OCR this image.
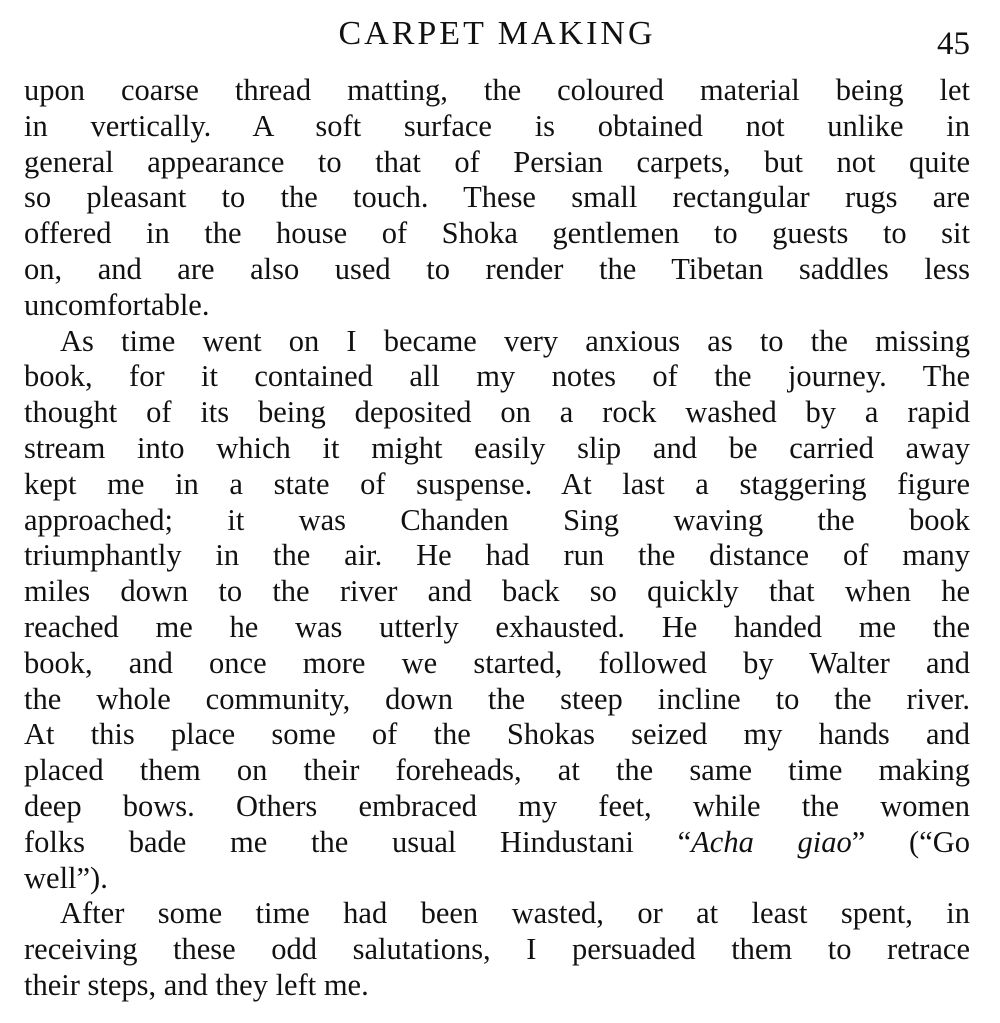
CARPET MAKING	45

upon coarse thread matting, the coloured material being let
in vertically. A soft surface is obtained not unlike in
general appearance to that of Persian carpets, but not quite
so pleasant to the touch. These small rectangular rugs are
offered in the house of Shoka gentlemen to guests to sit
on, and are also used to render the Tibetan saddles less
uncomfortable.

As time went on I became very anxious as to the missing
book, for it contained all my notes of the journey. The
thought of its being deposited on a rock washed by a rapid
stream into which it might easily slip and be carried away
kept me in a state of suspense. At last a staggering figure
approached; it was Chanden Sing waving the book
triumphantly in the air. He had run the distance of many
miles down to the river and back so quickly that when he
reached me he was utterly exhausted. He handed me the
book, and once more we started, followed by Walter and
the whole community, down the steep incline to the river.
At this place some of the Shokas seized my hands and
placed them on their foreheads, at the same time making
deep bows. Others embraced my feet, while the women
folks bade me the usual Hindustani “Acha giao” (“Go
well”).

After some time had been wasted, or at least spent, in
receiving these odd salutations, I persuaded them to retrace
their steps, and they left me.
